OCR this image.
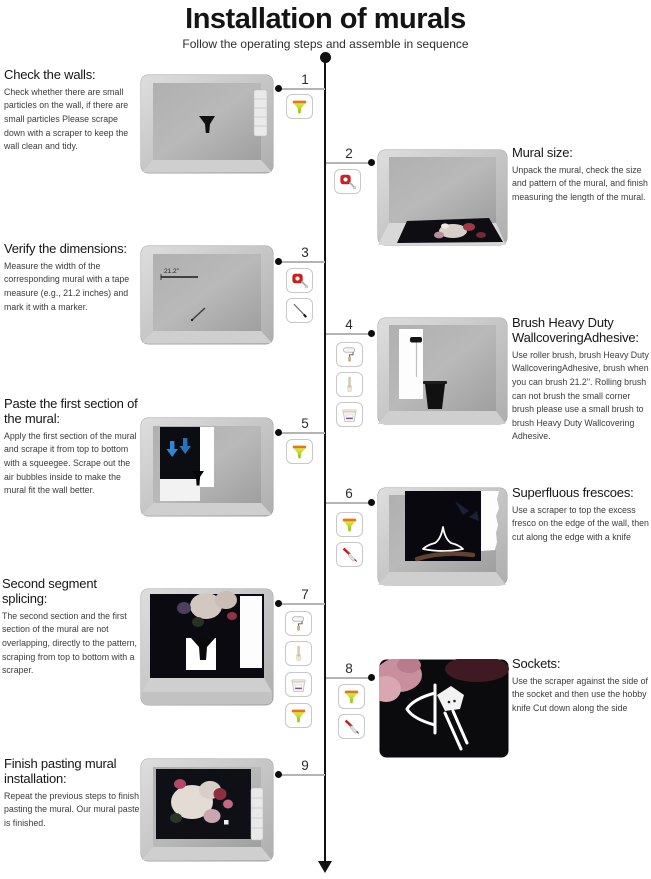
Installation of murals
Follow the operating steps and assemble in sequence
Check the walls:

Check whether there are small particles on the wall, if there are small particles Please scrape down with a scraper to keep the wall clean and tidy.

1
2	Mural size:

Unpack the mural, check the size and pattern of the mural, and finish measuring the length of the mural.

Verify the dimensions:

Measure the width of the corresponding mural with a tape measure (e.g., 21.2 inches) and mark it with a marker.

21.2"
3
4	Brush Heavy Duty WallcoveringAdhesive:

Use roller brush, brush Heavy Duty WallcoveringAdhesive, brush when you can brush 21.2". Rolling brush can not brush the small corner brush please use a small brush to brush Heavy Duty Wallcovering Adhesive.

Paste the first section of the mural:

Apply the first section of the mural and scrape it from top to bottom with a squeegee. Scrape out the air bubbles inside to make the mural fit the wall better.

5
6	Superfluous frescoes:

Use a scraper to top the excess fresco on the edge of the wall, then cut along the edge with a knife

Second segment splicing:

The second section and the first section of the mural are not overlapping, directly to the pattern, scraping from top to bottom with a scraper.

7
8	Sockets:

Use the scraper against the side of the socket and then use the hobby knife Cut down along the side

Finish pasting mural installation:

Repeat the previous steps to finish pasting the mural. Our mural paste is finished.

9
